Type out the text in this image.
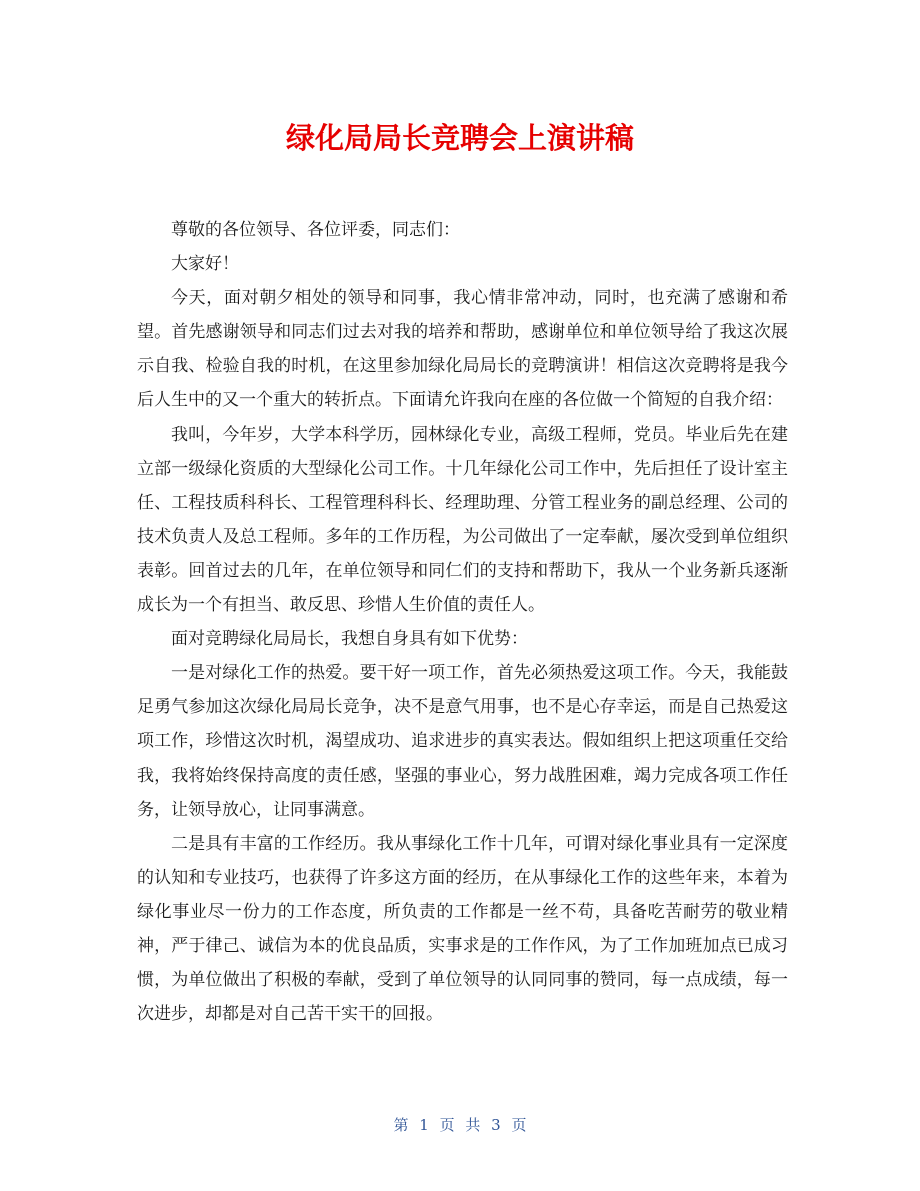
绿化局局长竞聘会上演讲稿

尊敬的各位领导、各位评委，同志们：

大家好！

今天，面对朝夕相处的领导和同事，我心情非常冲动，同时，也充满了感谢和希望。首先感谢领导和同志们过去对我的培养和帮助，感谢单位和单位领导给了我这次展示自我、检验自我的时机，在这里参加绿化局局长的竞聘演讲！相信这次竞聘将是我今后人生中的又一个重大的转折点。下面请允许我向在座的各位做一个简短的自我介绍：

我叫，今年岁，大学本科学历，园林绿化专业，高级工程师，党员。毕业后先在建立部一级绿化资质的大型绿化公司工作。十几年绿化公司工作中，先后担任了设计室主任、工程技质科科长、工程管理科科长、经理助理、分管工程业务的副总经理、公司的技术负责人及总工程师。多年的工作历程，为公司做出了一定奉献，屡次受到单位组织表彰。回首过去的几年，在单位领导和同仁们的支持和帮助下，我从一个业务新兵逐渐成长为一个有担当、敢反思、珍惜人生价值的责任人。

面对竞聘绿化局局长，我想自身具有如下优势：

一是对绿化工作的热爱。要干好一项工作，首先必须热爱这项工作。今天，我能鼓足勇气参加这次绿化局局长竞争，决不是意气用事，也不是心存幸运，而是自己热爱这项工作，珍惜这次时机，渴望成功、追求进步的真实表达。假如组织上把这项重任交给我，我将始终保持高度的责任感，坚强的事业心，努力战胜困难，竭力完成各项工作任务，让领导放心，让同事满意。

二是具有丰富的工作经历。我从事绿化工作十几年，可谓对绿化事业具有一定深度的认知和专业技巧，也获得了许多这方面的经历，在从事绿化工作的这些年来，本着为绿化事业尽一份力的工作态度，所负责的工作都是一丝不苟，具备吃苦耐劳的敬业精神，严于律己、诚信为本的优良品质，实事求是的工作作风，为了工作加班加点已成习惯，为单位做出了积极的奉献，受到了单位领导的认同同事的赞同，每一点成绩，每一次进步，却都是对自己苦干实干的回报。

第 1 页 共 3 页
